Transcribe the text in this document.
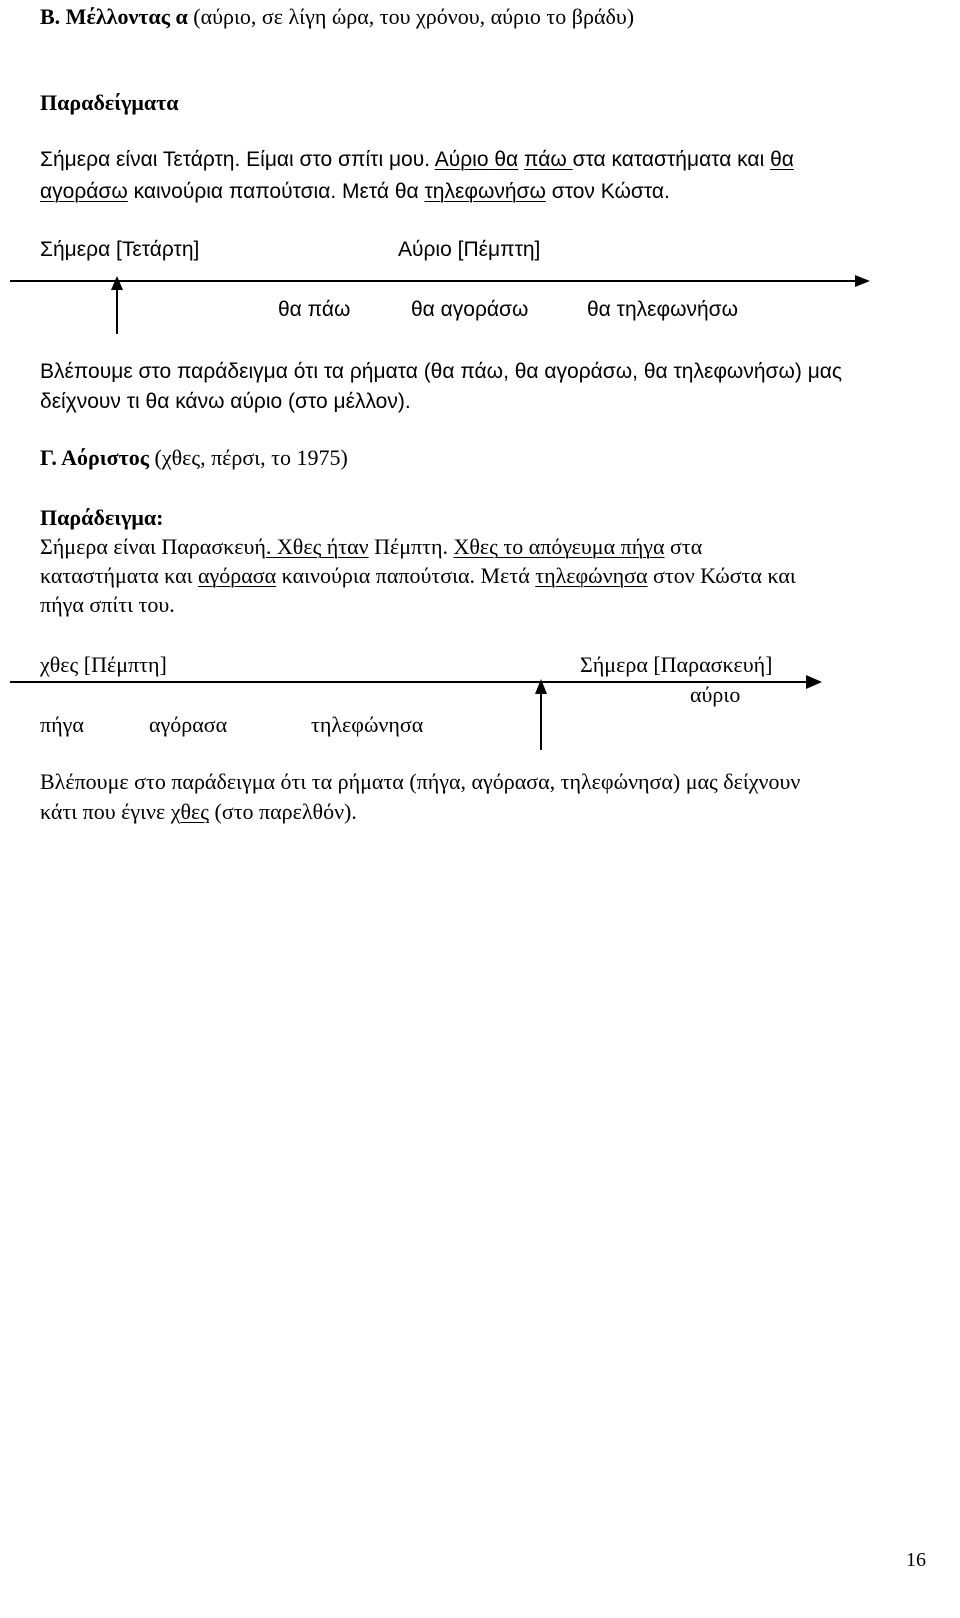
Β. Μέλλοντας α (αύριο, σε λίγη ώρα, του χρόνου, αύριο το βράδυ)

Παραδείγματα

Σήμερα είναι Τετάρτη. Είμαι στο σπίτι μου. Αύριο θα πάω στα καταστήματα και θα

αγοράσω καινούρια παπούτσια. Μετά θα τηλεφωνήσω στον Κώστα.

Σήμερα [Τετάρτη]	Αύριο [Πέμπτη]

θα πάω	θα αγοράσω	θα τηλεφωνήσω

Βλέπουμε στο παράδειγμα ότι τα ρήματα (θα πάω, θα αγοράσω, θα τηλεφωνήσω) μας

δείχνουν τι θα κάνω αύριο (στο μέλλον).

Γ. Αόριστος (χθες, πέρσι, το 1975)

Παράδειγμα:

Σήμερα είναι Παρασκευή. Χθες ήταν Πέμπτη. Χθες το απόγευμα πήγα στα

καταστήματα και αγόρασα καινούρια παπούτσια. Μετά τηλεφώνησα στον Κώστα και

πήγα σπίτι του.

χθες [Πέμπτη]	Σήμερα [Παρασκευή]

αύριο

πήγα	αγόρασα	τηλεφώνησα

Βλέπουμε στο παράδειγμα ότι τα ρήματα (πήγα, αγόρασα, τηλεφώνησα) μας δείχνουν

κάτι που έγινε χθες (στο παρελθόν).

16
